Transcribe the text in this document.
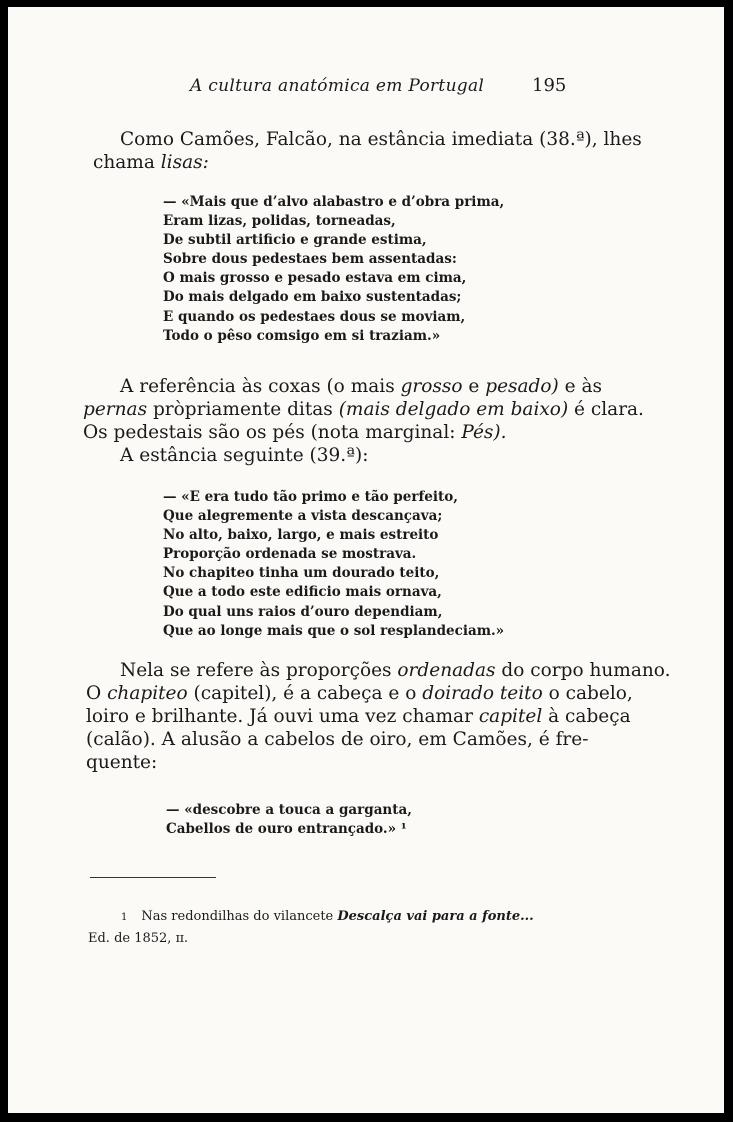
A cultura anatómica em Portugal	195
Como Camões, Falcão, na estância imediata (38.ª), lhes
chama lisas:
— «Mais que d’alvo alabastro e d’obra prima,
Eram lizas, polidas, torneadas,
De subtil artificio e grande estima,
Sobre dous pedestaes bem assentadas:
O mais grosso e pesado estava em cima,
Do mais delgado em baixo sustentadas;
E quando os pedestaes dous se moviam,
Todo o pêso comsigo em si traziam.»
A referência às coxas (o mais grosso e pesado) e às
pernas pròpriamente ditas (mais delgado em baixo) é clara.
Os pedestais são os pés (nota marginal: Pés).
A estância seguinte (39.ª):
— «E era tudo tão primo e tão perfeito,
Que alegremente a vista descançava;
No alto, baixo, largo, e mais estreito
Proporção ordenada se mostrava.
No chapiteo tinha um dourado teito,
Que a todo este edificio mais ornava,
Do qual uns raios d’ouro dependiam,
Que ao longe mais que o sol resplandeciam.»
Nela se refere às proporções ordenadas do corpo humano.
O chapiteo (capitel), é a cabeça e o doirado teito o cabelo,
loiro e brilhante. Já ouvi uma vez chamar capitel à cabeça
(calão). A alusão a cabelos de oiro, em Camões, é fre-
quente:
— «descobre a touca a garganta,
Cabellos de ouro entrançado.» ¹
1 Nas redondilhas do vilancete Descalça vai para a fonte...
Ed. de 1852, ɪɪ.
